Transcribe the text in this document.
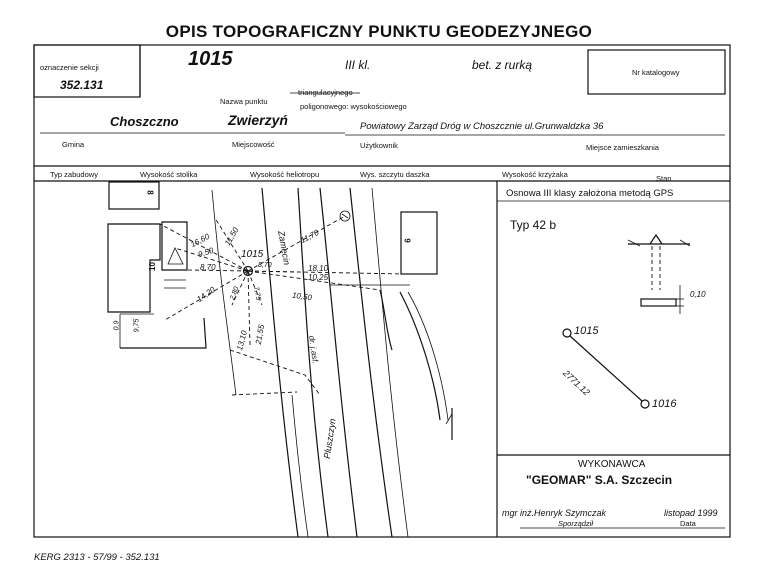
OPIS TOPOGRAFICZNY PUNKTU GEODEZYJNEGO
oznaczenie sekcji
352.131
1015	III kl.	bet. z rurką
Nr katalogowy
Nazwa punktu
triangulacyjnego
poligonowego: wysokościowego
Choszczno
Gmina
Zwierzyń
Miejscowość
Powiatowy Zarząd Dróg w Choszcznie ul.Grunwaldzka 36
Użytkownik	Miejsce zamieszkania
Typ zabudowy	Wysokość stolika	Wysokość heliotropu	Wys. szczytu daszka	Wysokość krzyżaka	Stan
Osnowa III klasy założona metodą GPS
Typ 42 b
0,10
1015
1016
2771.12
Zamęcin
Pluszczyn
dr. j.asf.
8
10
6
1015
16,60
9,50
8,70
11,50	11,70
14,20 2,80 7,75
8,70	18,10
10,25
10,50
13,10 21,55
9,75
0,9
WYKONAWCA
"GEOMAR" S.A. Szczecin
mgr inż.Henryk Szymczak
Sporządził
listopad 1999
Data
KERG 2313 - 57/99 - 352.131
